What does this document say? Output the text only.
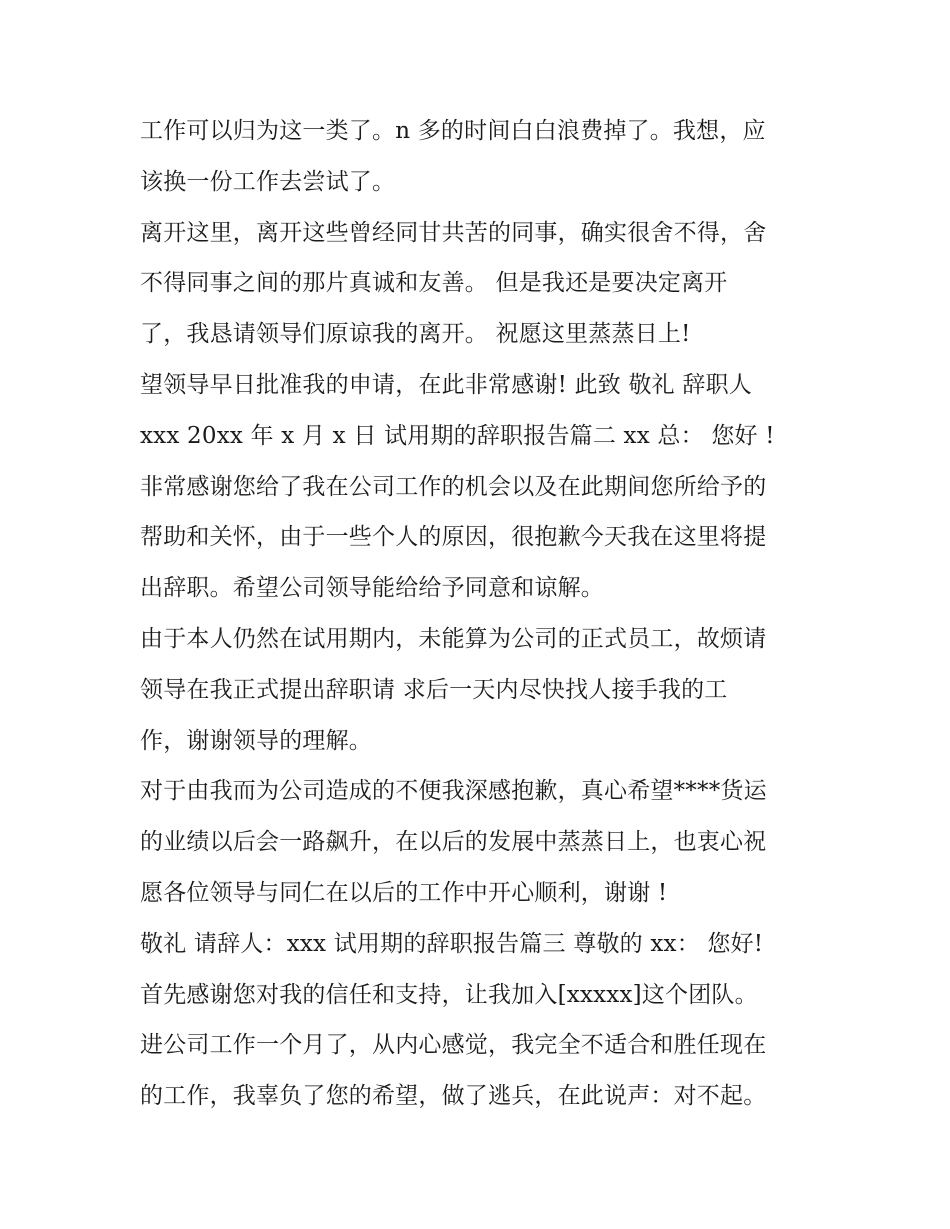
工作可以归为这一类了。n 多的时间白白浪费掉了。我想，应
该换一份工作去尝试了。
离开这里，离开这些曾经同甘共苦的同事，确实很舍不得，舍
不得同事之间的那片真诚和友善。 但是我还是要决定离开
了，我恳请领导们原谅我的离开。 祝愿这里蒸蒸日上!
望领导早日批准我的申请，在此非常感谢! 此致 敬礼 辞职人
xxx 20xx 年 x 月 x 日 试用期的辞职报告篇二 xx 总： 您好 !
非常感谢您给了我在公司工作的机会以及在此期间您所给予的
帮助和关怀，由于一些个人的原因，很抱歉今天我在这里将提
出辞职。希望公司领导能给给予同意和谅解。
由于本人仍然在试用期内，未能算为公司的正式员工，故烦请
领导在我正式提出辞职请 求后一天内尽快找人接手我的工
作，谢谢领导的理解。
对于由我而为公司造成的不便我深感抱歉，真心希望****货运
的业绩以后会一路飙升，在以后的发展中蒸蒸日上，也衷心祝
愿各位领导与同仁在以后的工作中开心顺利，谢谢 !
敬礼 请辞人：xxx 试用期的辞职报告篇三 尊敬的 xx： 您好!
首先感谢您对我的信任和支持，让我加入[xxxxx]这个团队。
进公司工作一个月了，从内心感觉，我完全不适合和胜任现在
的工作，我辜负了您的希望，做了逃兵，在此说声：对不起。
